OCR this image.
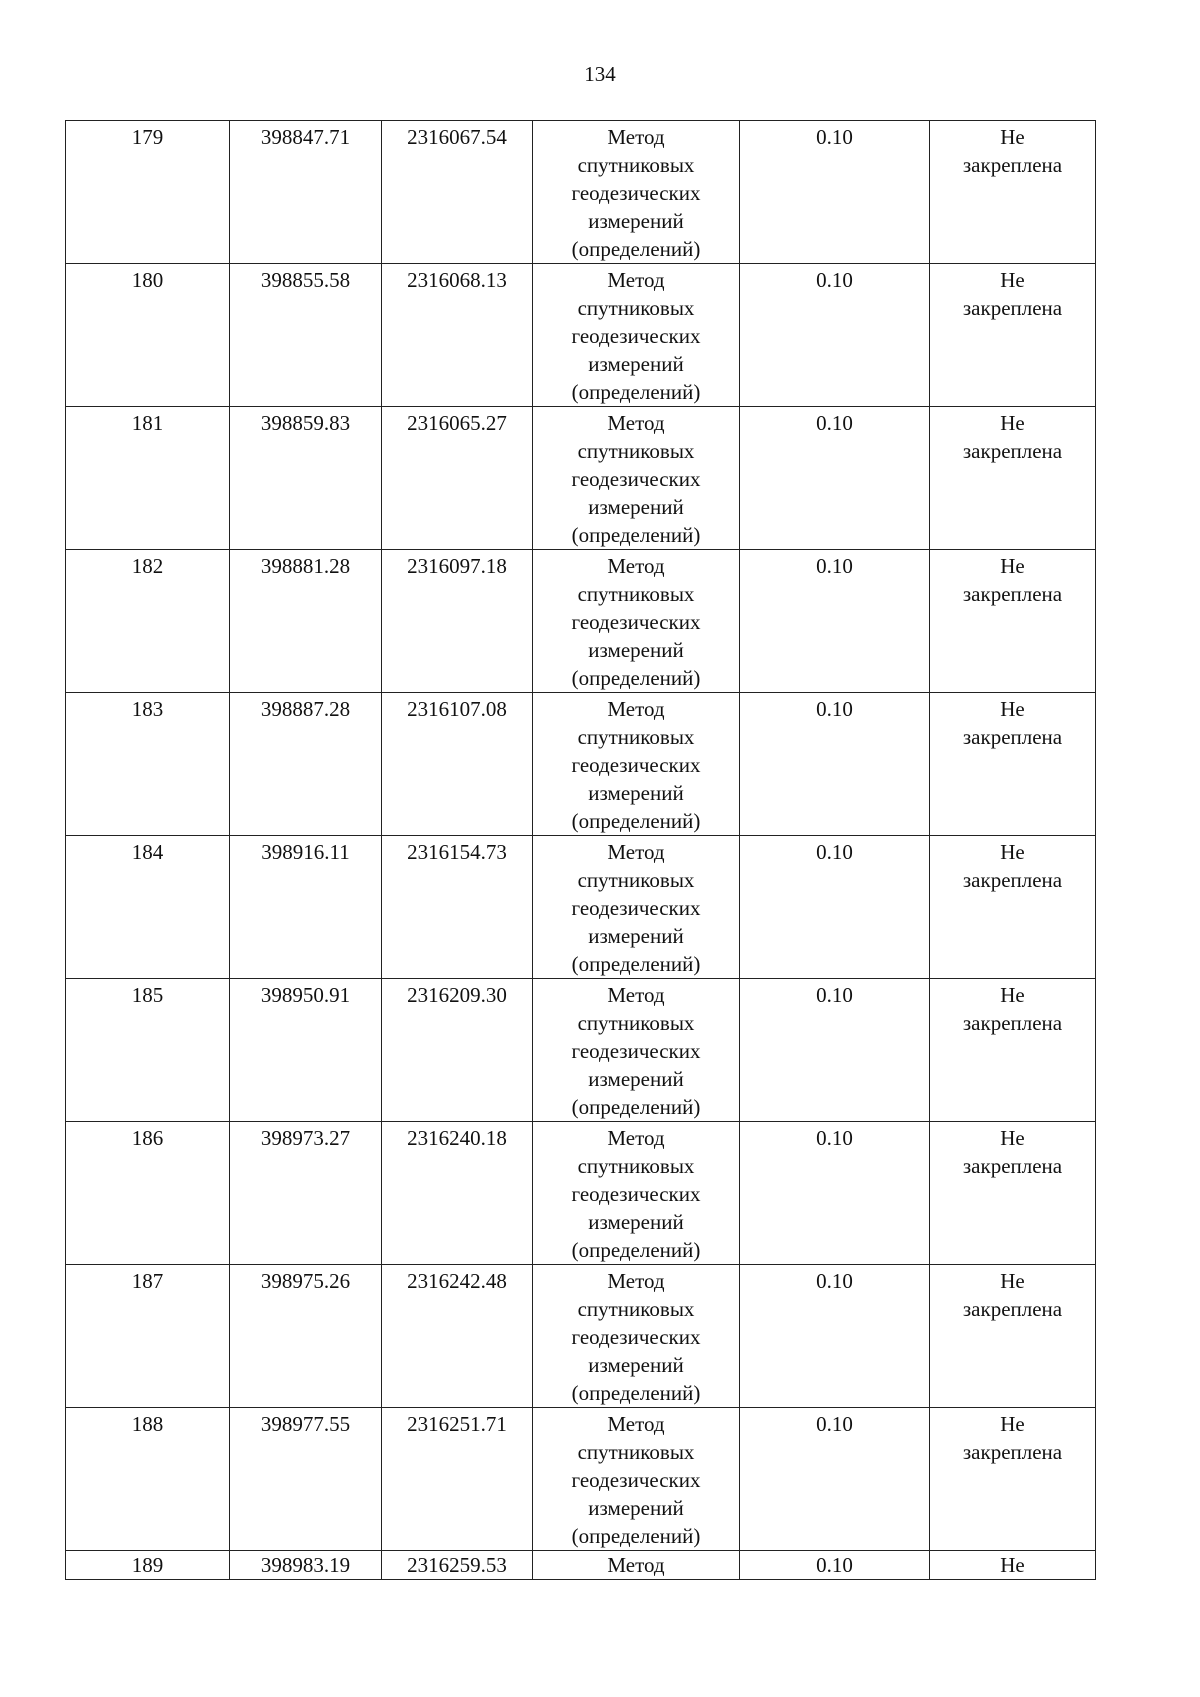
134
179	398847.71	2316067.54	Метод
спутниковых
геодезических
измерений
(определений)	0.10	Не
закреплена
180	398855.58	2316068.13	Метод
спутниковых
геодезических
измерений
(определений)	0.10	Не
закреплена
181	398859.83	2316065.27	Метод
спутниковых
геодезических
измерений
(определений)	0.10	Не
закреплена
182	398881.28	2316097.18	Метод
спутниковых
геодезических
измерений
(определений)	0.10	Не
закреплена
183	398887.28	2316107.08	Метод
спутниковых
геодезических
измерений
(определений)	0.10	Не
закреплена
184	398916.11	2316154.73	Метод
спутниковых
геодезических
измерений
(определений)	0.10	Не
закреплена
185	398950.91	2316209.30	Метод
спутниковых
геодезических
измерений
(определений)	0.10	Не
закреплена
186	398973.27	2316240.18	Метод
спутниковых
геодезических
измерений
(определений)	0.10	Не
закреплена
187	398975.26	2316242.48	Метод
спутниковых
геодезических
измерений
(определений)	0.10	Не
закреплена
188	398977.55	2316251.71	Метод
спутниковых
геодезических
измерений
(определений)	0.10	Не
закреплена
189	398983.19	2316259.53	Метод	0.10	Не
